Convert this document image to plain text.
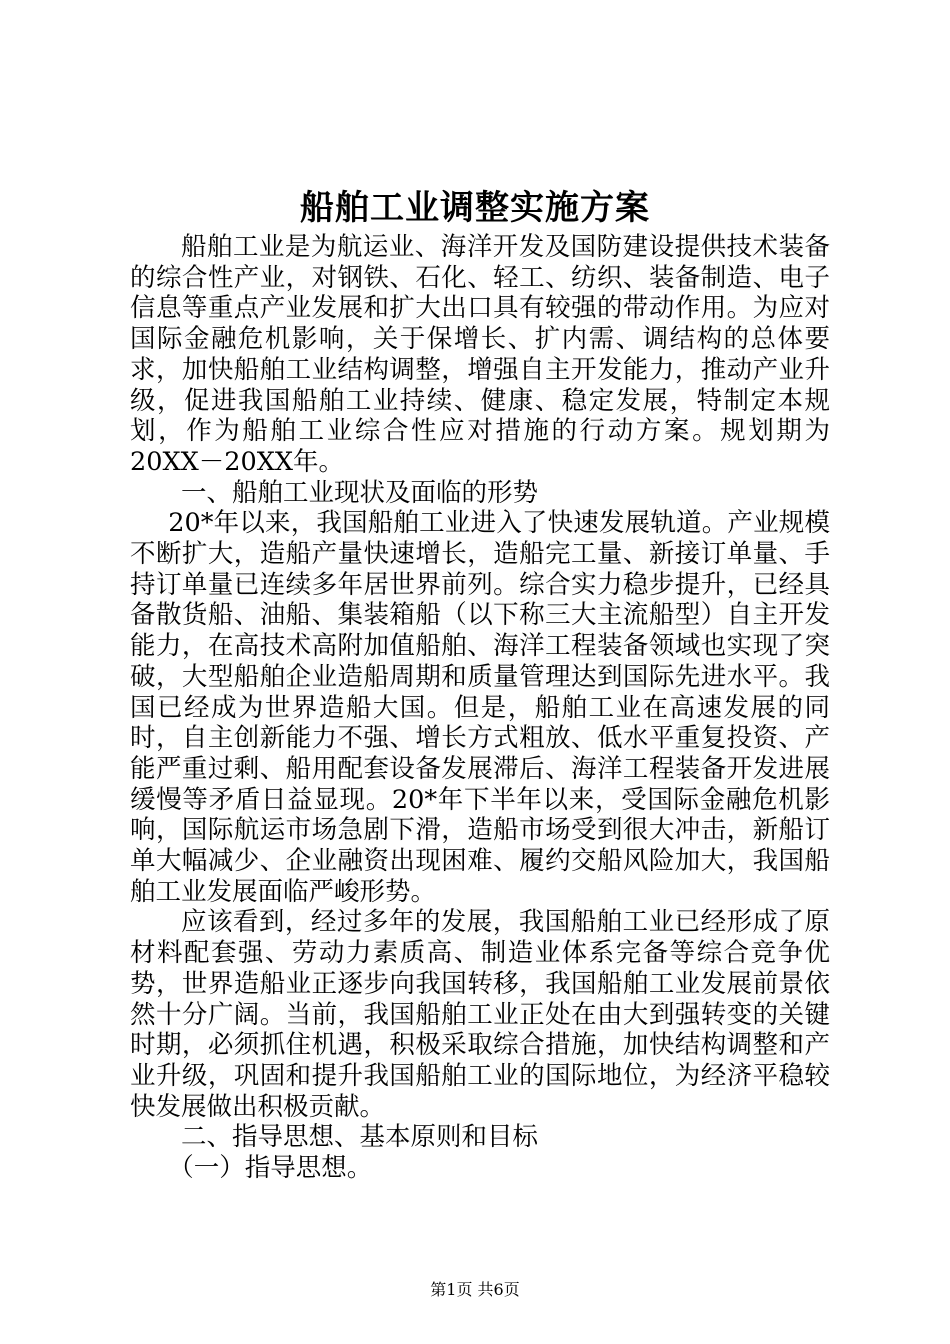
船舶工业调整实施方案

船舶工业是为航运业、海洋开发及国防建设提供技术装备的综合性产业，对钢铁、石化、轻工、纺织、装备制造、电子信息等重点产业发展和扩大出口具有较强的带动作用。为应对国际金融危机影响，关于保增长、扩内需、调结构的总体要求，加快船舶工业结构调整，增强自主开发能力，推动产业升级，促进我国船舶工业持续、健康、稳定发展，特制定本规划，作为船舶工业综合性应对措施的行动方案。规划期为20XX－20XX年。

一、船舶工业现状及面临的形势

20*年以来，我国船舶工业进入了快速发展轨道。产业规模不断扩大，造船产量快速增长，造船完工量、新接订单量、手持订单量已连续多年居世界前列。综合实力稳步提升，已经具备散货船、油船、集装箱船（以下称三大主流船型）自主开发能力，在高技术高附加值船舶、海洋工程装备领域也实现了突破，大型船舶企业造船周期和质量管理达到国际先进水平。我国已经成为世界造船大国。但是，船舶工业在高速发展的同时，自主创新能力不强、增长方式粗放、低水平重复投资、产能严重过剩、船用配套设备发展滞后、海洋工程装备开发进展缓慢等矛盾日益显现。20*年下半年以来，受国际金融危机影响，国际航运市场急剧下滑，造船市场受到很大冲击，新船订单大幅减少、企业融资出现困难、履约交船风险加大，我国船舶工业发展面临严峻形势。

应该看到，经过多年的发展，我国船舶工业已经形成了原材料配套强、劳动力素质高、制造业体系完备等综合竞争优势，世界造船业正逐步向我国转移，我国船舶工业发展前景依然十分广阔。当前，我国船舶工业正处在由大到强转变的关键时期，必须抓住机遇，积极采取综合措施，加快结构调整和产业升级，巩固和提升我国船舶工业的国际地位，为经济平稳较快发展做出积极贡献。

二、指导思想、基本原则和目标

（一）指导思想。

第1页 共6页
